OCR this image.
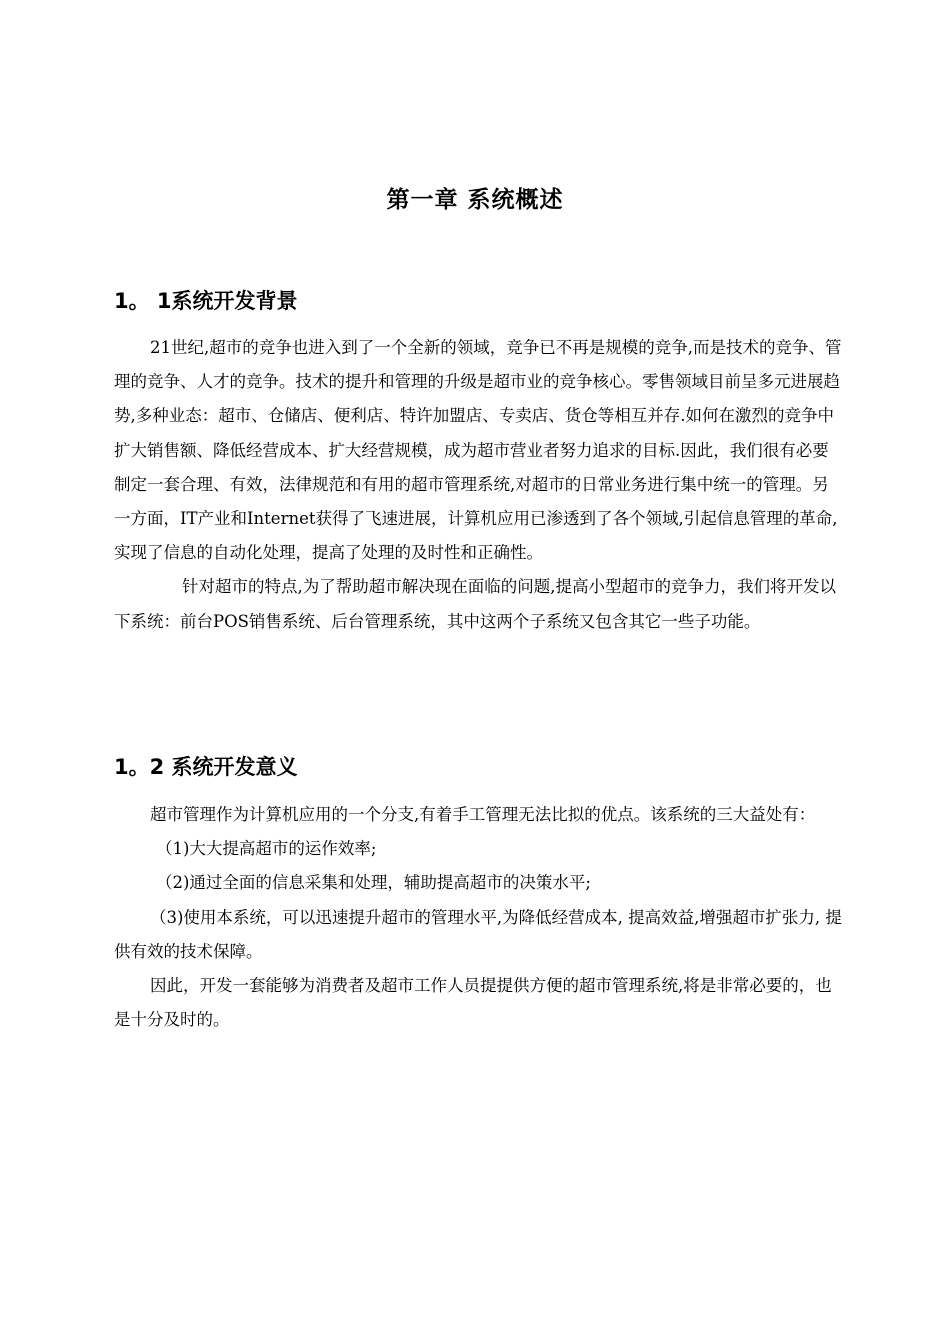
第一章 系统概述
1。 1系统开发背景

21世纪,超市的竞争也进入到了一个全新的领域，竞争已不再是规模的竞争,而是技术的竞争、管理的竞争、人才的竞争。技术的提升和管理的升级是超市业的竞争核心。零售领域目前呈多元进展趋势,多种业态：超市、仓储店、便利店、特许加盟店、专卖店、货仓等相互并存.如何在激烈的竞争中扩大销售额、降低经营成本、扩大经营规模，成为超市营业者努力追求的目标.因此，我们很有必要制定一套合理、有效，法律规范和有用的超市管理系统,对超市的日常业务进行集中统一的管理。另一方面，IT产业和Internet获得了飞速进展，计算机应用已渗透到了各个领域,引起信息管理的革命,实现了信息的自动化处理，提高了处理的及时性和正确性。

针对超市的特点,为了帮助超市解决现在面临的问题,提高小型超市的竞争力，我们将开发以下系统：前台POS销售系统、后台管理系统，其中这两个子系统又包含其它一些子功能。

1。2 系统开发意义

超市管理作为计算机应用的一个分支,有着手工管理无法比拟的优点。该系统的三大益处有：

（1)大大提高超市的运作效率;

（2)通过全面的信息采集和处理，辅助提高超市的决策水平;

（3)使用本系统，可以迅速提升超市的管理水平,为降低经营成本, 提高效益,增强超市扩张力, 提供有效的技术保障。

因此，开发一套能够为消费者及超市工作人员提提供方便的超市管理系统,将是非常必要的，也是十分及时的。
